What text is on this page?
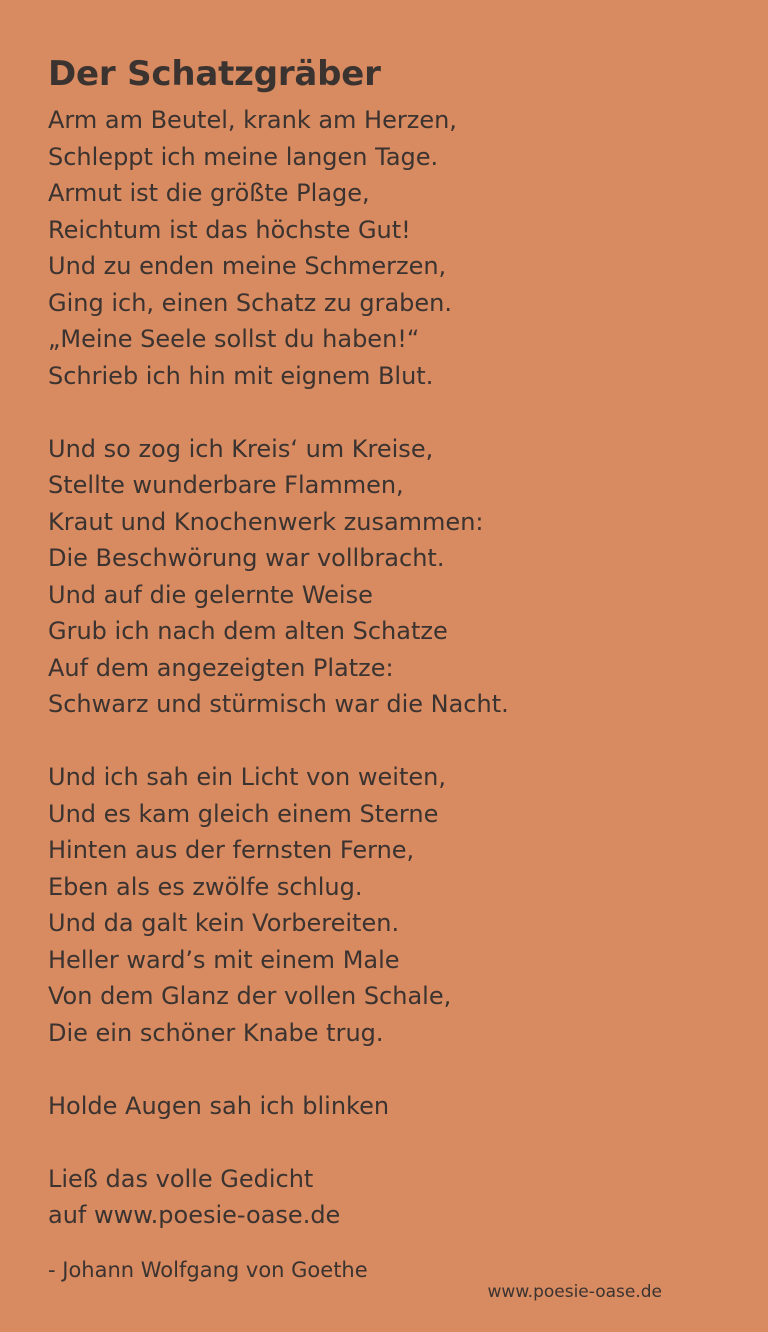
Der Schatzgräber
Arm am Beutel, krank am Herzen,
Schleppt ich meine langen Tage.
Armut ist die größte Plage,
Reichtum ist das höchste Gut!
Und zu enden meine Schmerzen,
Ging ich, einen Schatz zu graben.
„Meine Seele sollst du haben!“
Schrieb ich hin mit eignem Blut.
Und so zog ich Kreis‘ um Kreise,
Stellte wunderbare Flammen,
Kraut und Knochenwerk zusammen:
Die Beschwörung war vollbracht.
Und auf die gelernte Weise
Grub ich nach dem alten Schatze
Auf dem angezeigten Platze:
Schwarz und stürmisch war die Nacht.
Und ich sah ein Licht von weiten,
Und es kam gleich einem Sterne
Hinten aus der fernsten Ferne,
Eben als es zwölfe schlug.
Und da galt kein Vorbereiten.
Heller ward’s mit einem Male
Von dem Glanz der vollen Schale,
Die ein schöner Knabe trug.
Holde Augen sah ich blinken
Ließ das volle Gedicht
auf www.poesie-oase.de
- Johann Wolfgang von Goethe
www.poesie-oase.de
